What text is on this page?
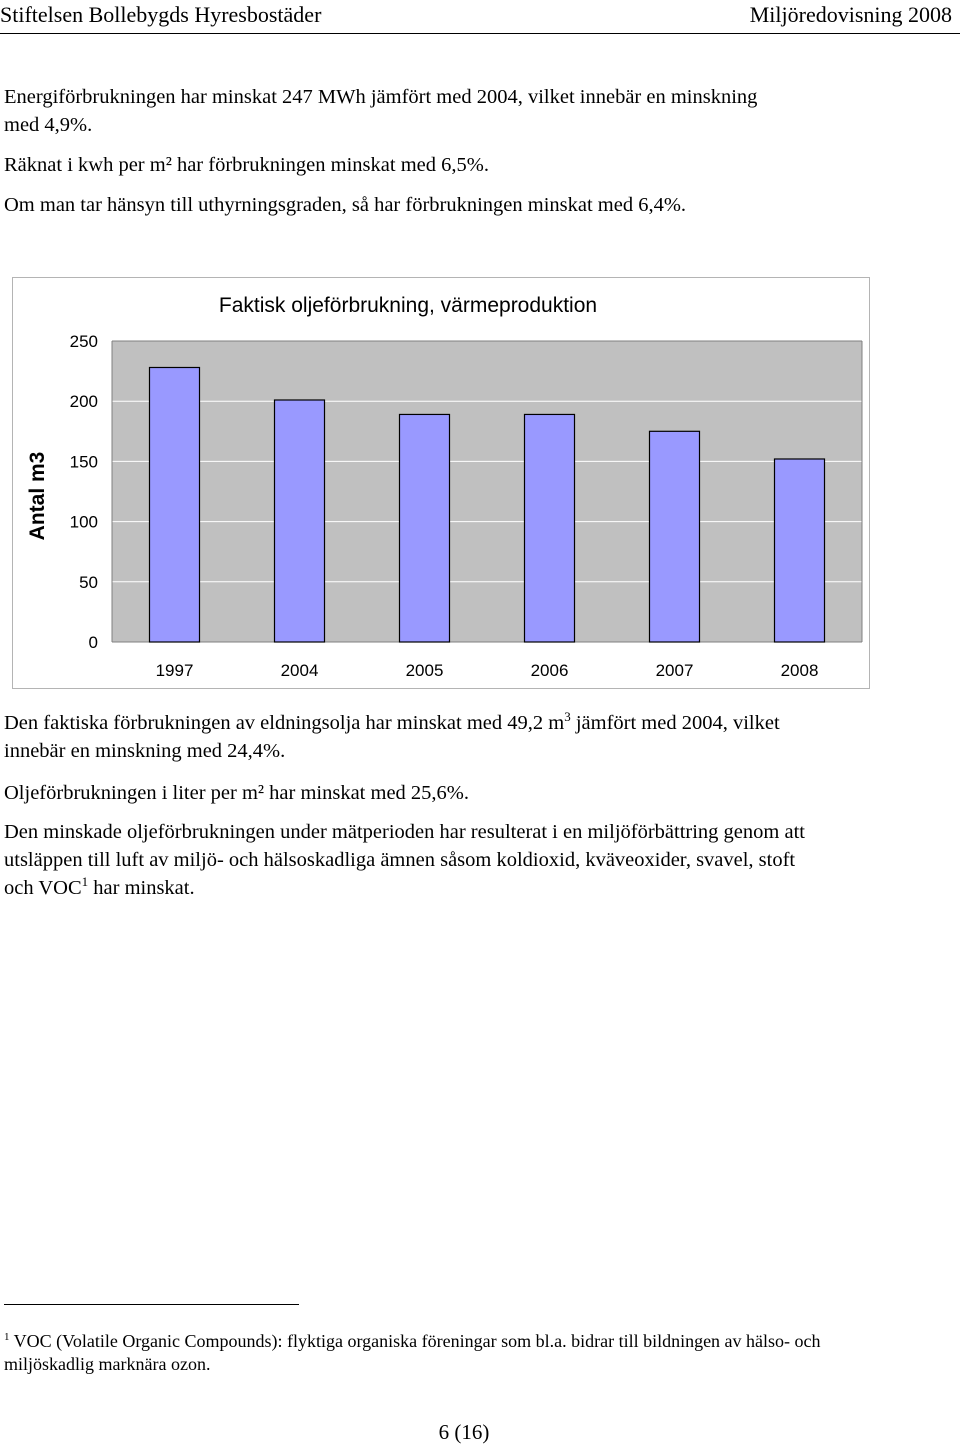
Stiftelsen Bollebygds Hyresbostäder	Miljöredovisning 2008
Energiförbrukningen har minskat 247 MWh jämfört med 2004, vilket innebär en minskning
med 4,9%.
Räknat i kwh per m² har förbrukningen minskat med 6,5%.
Om man tar hänsyn till uthyrningsgraden, så har förbrukningen minskat med 6,4%.
Faktisk oljeförbrukning, värmeproduktion
Antal m3
0
50
100
150
200
250
1997	2004	2005	2006	2007	2008
Den faktiska förbrukningen av eldningsolja har minskat med 49,2 $m^3$ jämfört med 2004, vilket
innebär en minskning med 24,4%.
Oljeförbrukningen i liter per m² har minskat med 25,6%.
Den minskade oljeförbrukningen under mätperioden har resulterat i en miljöförbättring genom att
utsläppen till luft av miljö- och hälsoskadliga ämnen såsom koldioxid, kväveoxider, svavel, stoft
och VOC$^1$ har minskat.
$^1$ VOC (Volatile Organic Compounds): flyktiga organiska föreningar som bl.a. bidrar till bildningen av hälso- och
miljöskadlig marknära ozon.
6 (16)
